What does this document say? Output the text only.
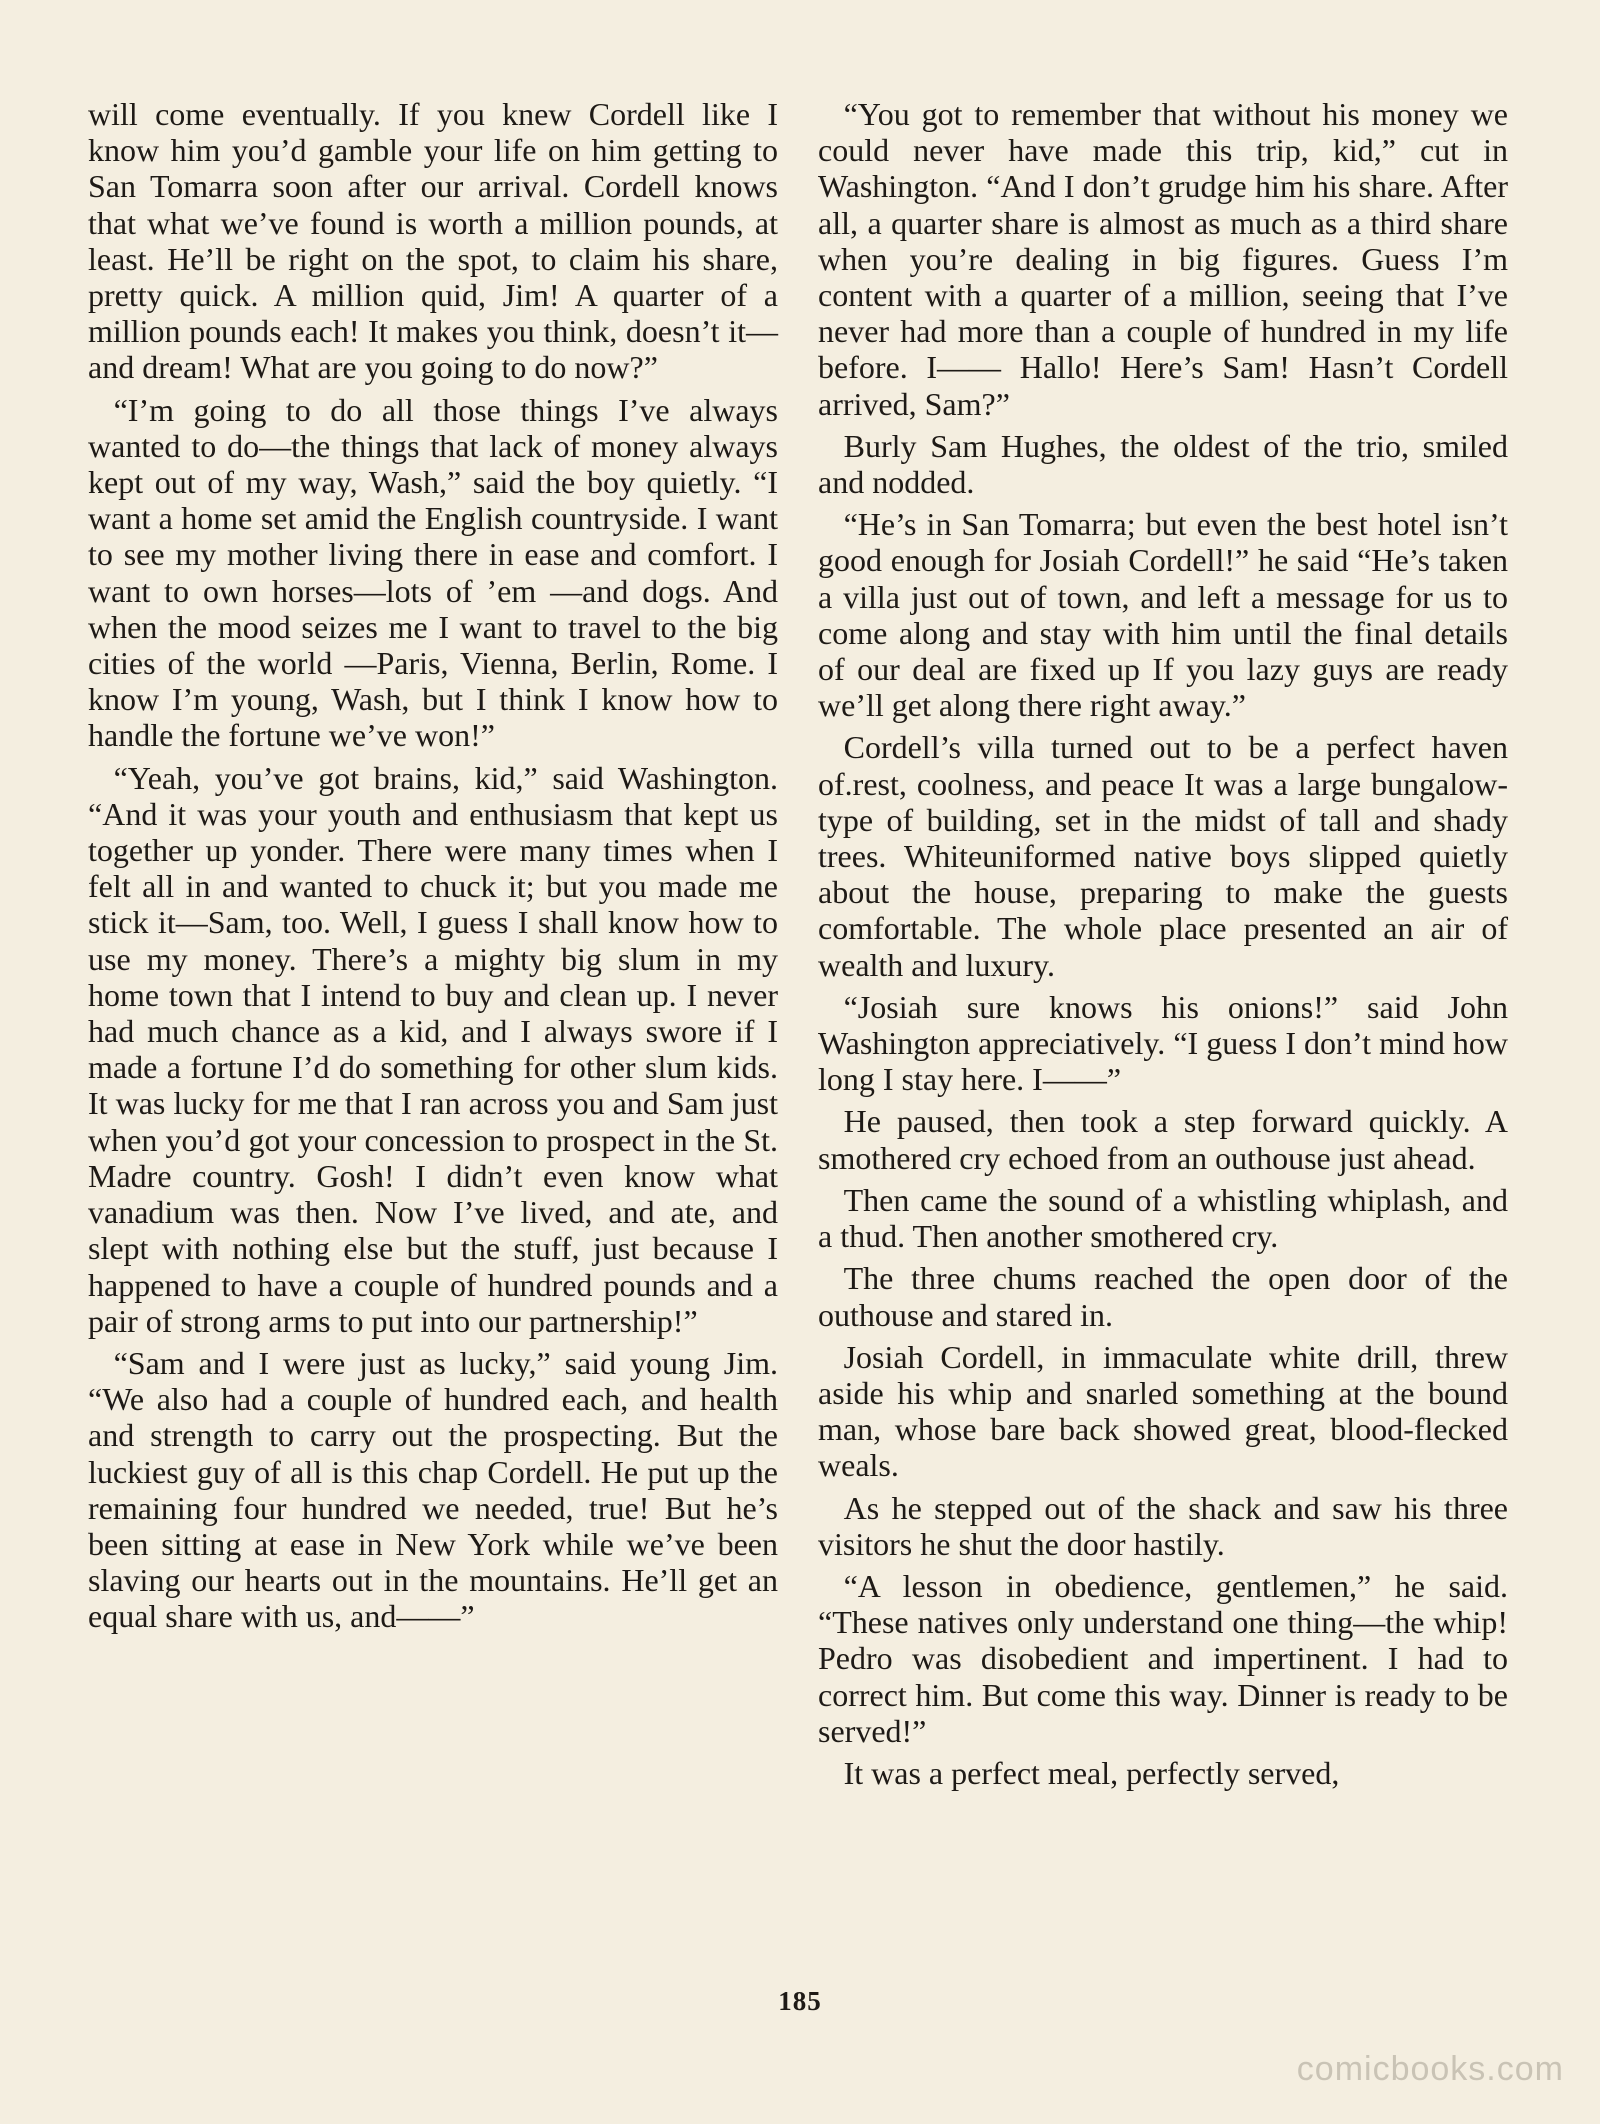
will come eventually. If you knew Cordell like I know him you’d gamble your life on him getting to San Tomarra soon after our arrival. Cordell knows that what we’ve found is worth a million pounds, at least. He’ll be right on the spot, to claim his share, pretty quick. A million quid, Jim! A quarter of a million pounds each! It makes you think, doesn’t it—and dream! What are you going to do now?”

“I’m going to do all those things I’ve always wanted to do—the things that lack of money always kept out of my way, Wash,” said the boy quietly. “I want a home set amid the English countryside. I want to see my mother living there in ease and comfort. I want to own horses—lots of ’em —and dogs. And when the mood seizes me I want to travel to the big cities of the world —Paris, Vienna, Berlin, Rome. I know I’m young, Wash, but I think I know how to handle the fortune we’ve won!”

“Yeah, you’ve got brains, kid,” said Washington. “And it was your youth and enthusiasm that kept us together up yonder. There were many times when I felt all in and wanted to chuck it; but you made me stick it—Sam, too. Well, I guess I shall know how to use my money. There’s a mighty big slum in my home town that I intend to buy and clean up. I never had much chance as a kid, and I always swore if I made a fortune I’d do something for other slum kids. It was lucky for me that I ran across you and Sam just when you’d got your concession to prospect in the St. Madre country. Gosh! I didn’t even know what vanadium was then. Now I’ve lived, and ate, and slept with nothing else but the stuff, just because I happened to have a couple of hundred pounds and a pair of strong arms to put into our partnership!”

“Sam and I were just as lucky,” said young Jim. “We also had a couple of hundred each, and health and strength to carry out the prospecting. But the luckiest guy of all is this chap Cordell. He put up the remaining four hundred we needed, true! But he’s been sitting at ease in New York while we’ve been slaving our hearts out in the mountains. He’ll get an equal share with us, and——”

“You got to remember that without his money we could never have made this trip, kid,” cut in Washington. “And I don’t grudge him his share. After all, a quarter share is almost as much as a third share when you’re dealing in big figures. Guess I’m content with a quarter of a million, seeing that I’ve never had more than a couple of hundred in my life before. I—— Hallo! Here’s Sam! Hasn’t Cordell arrived, Sam?”

Burly Sam Hughes, the oldest of the trio, smiled and nodded.

“He’s in San Tomarra; but even the best hotel isn’t good enough for Josiah Cordell!” he said “He’s taken a villa just out of town, and left a message for us to come along and stay with him until the final details of our deal are fixed up If you lazy guys are ready we’ll get along there right away.”

Cordell’s villa turned out to be a perfect haven of.rest, coolness, and peace It was a large bungalow-type of building, set in the midst of tall and shady trees. Whiteuniformed native boys slipped quietly about the house, preparing to make the guests comfortable. The whole place presented an air of wealth and luxury.

“Josiah sure knows his onions!” said John Washington appreciatively. “I guess I don’t mind how long I stay here. I——”

He paused, then took a step forward quickly. A smothered cry echoed from an outhouse just ahead.

Then came the sound of a whistling whiplash, and a thud. Then another smothered cry.

The three chums reached the open door of the outhouse and stared in.

Josiah Cordell, in immaculate white drill, threw aside his whip and snarled something at the bound man, whose bare back showed great, blood-flecked weals.

As he stepped out of the shack and saw his three visitors he shut the door hastily.

“A lesson in obedience, gentlemen,” he said. “These natives only understand one thing—the whip! Pedro was disobedient and impertinent. I had to correct him. But come this way. Dinner is ready to be served!”

It was a perfect meal, perfectly served,

185
comicbooks.com
